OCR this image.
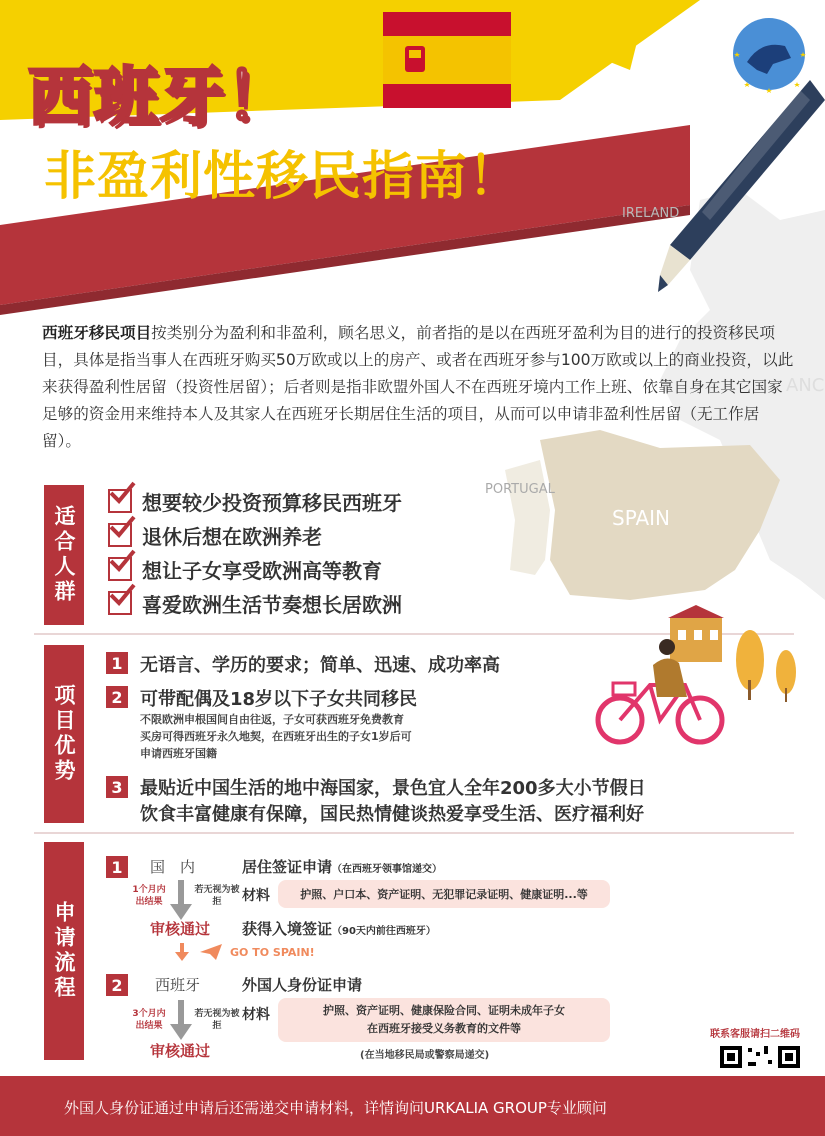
IRELAND
PORTUGAL
SPAIN
ANC
西班牙！
非盈利性移民指南！
西班牙移民项目按类别分为盈利和非盈利，顾名思义，前者指的是以在西班牙盈利为目的进行的投资移民项目，具体是指当事人在西班牙购买50万欧或以上的房产、或者在西班牙参与100万欧或以上的商业投资，以此来获得盈利性居留（投资性居留）；后者则是指非欧盟外国人不在西班牙境内工作上班、依靠自身在其它国家足够的资金用来维持本人及其家人在西班牙长期居住生活的项目，从而可以申请非盈利性居留（无工作居留）。
适合人群
想要较少投资预算移民西班牙
退休后想在欧洲养老
想让子女享受欧洲高等教育
喜爱欧洲生活节奏想长居欧洲
项目优势
1 无语言、学历的要求；简单、迅速、成功率高
2 可带配偶及18岁以下子女共同移民
不限欧洲申根国间自由往返，子女可获西班牙免费教育
买房可得西班牙永久地契，在西班牙出生的子女1岁后可
申请西班牙国籍
3 最贴近中国生活的地中海国家，景色宜人全年200多大小节假日
饮食丰富健康有保障，国民热情健谈热爱享受生活、医疗福利好
申请流程
1	国　内	居住签证申请（在西班牙领事馆递交）
1个月内出结果
若无视为被拒	材料	护照、户口本、资产证明、无犯罪记录证明、健康证明...等
审核通过 获得入境签证（90天内前往西班牙）
GO TO SPAIN!
2	西班牙	外国人身份证申请
3个月内出结果
若无视为被拒
材料	护照、资产证明、健康保险合同、证明未成年子女
在西班牙接受义务教育的文件等
(在当地移民局或警察局递交)
审核通过
联系客服请扫二维码
外国人身份证通过申请后还需递交申请材料，详情询问URKALIA GROUP专业顾问
